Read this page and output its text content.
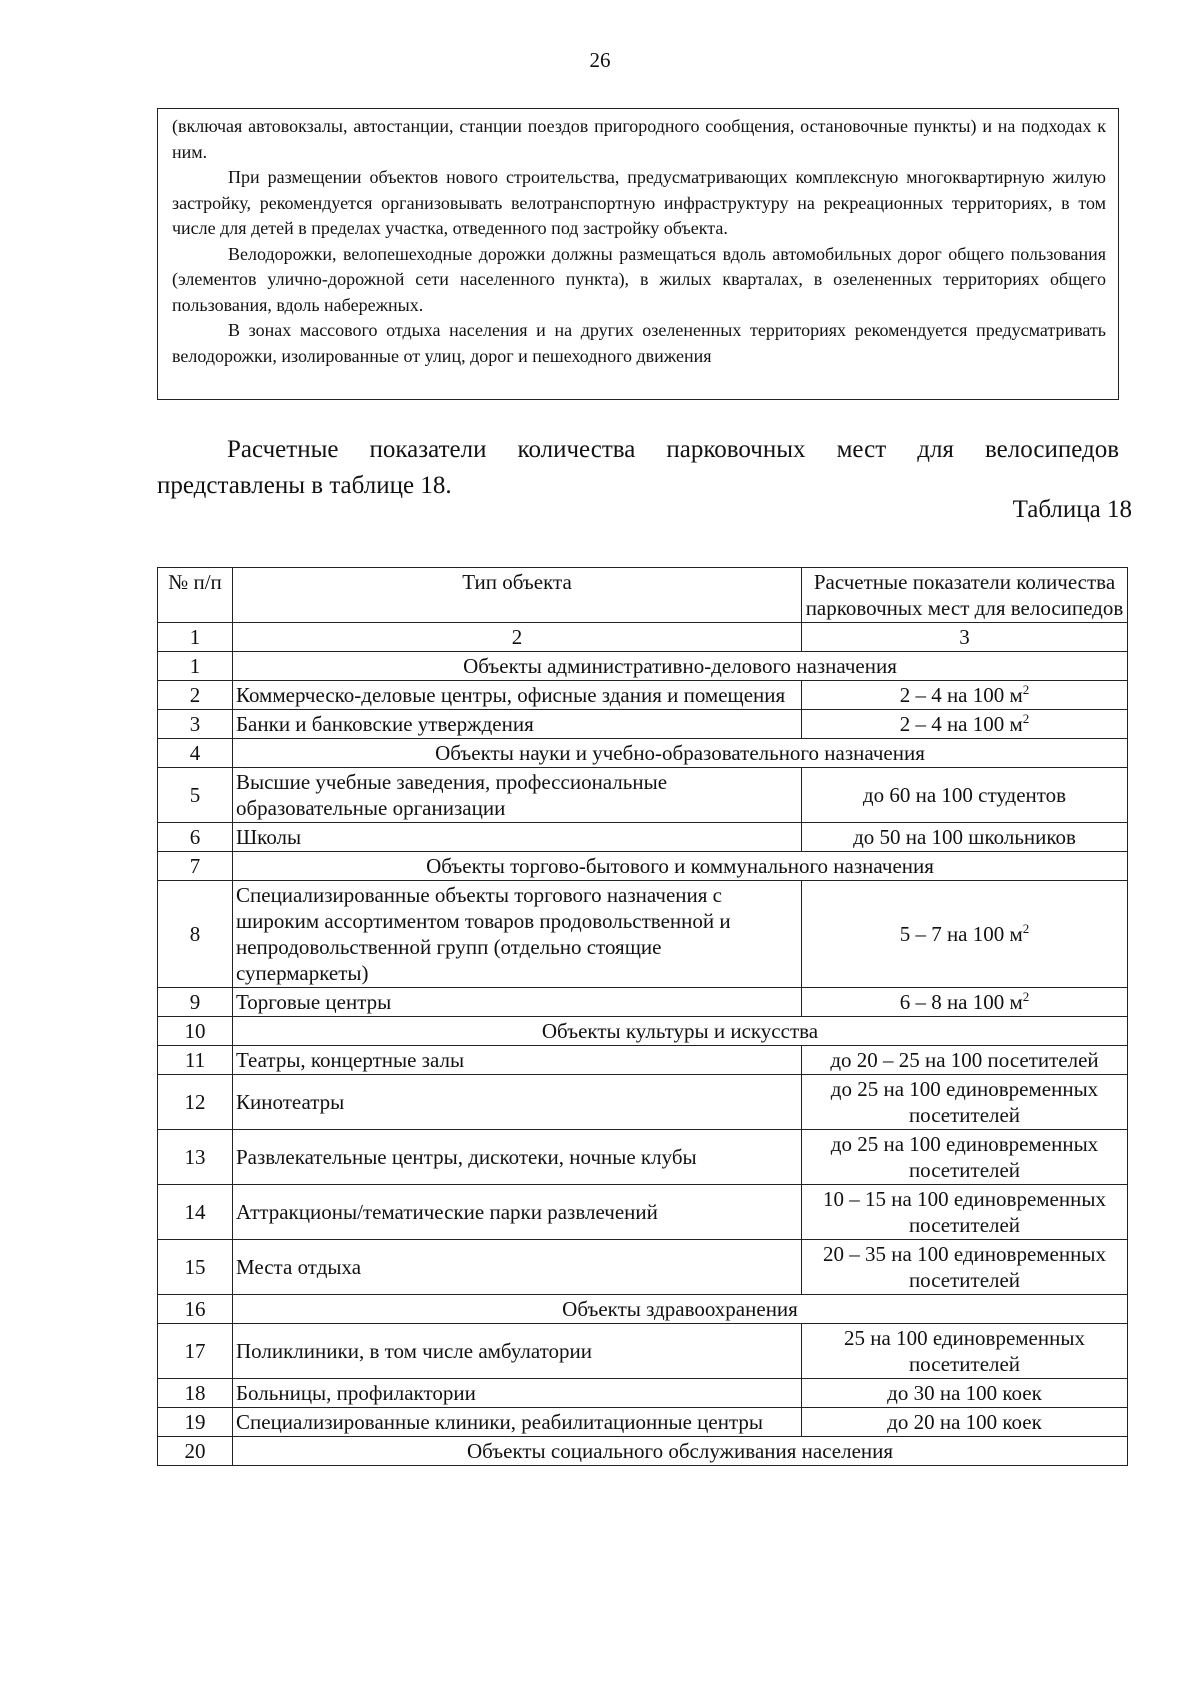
26

(включая автовокзалы, автостанции, станции поездов пригородного сообщения, остановочные пункты) и на подходах к ним.

При размещении объектов нового строительства, предусматривающих комплексную многоквартирную жилую застройку, рекомендуется организовывать велотранспортную инфраструктуру на рекреационных территориях, в том числе для детей в пределах участка, отведенного под застройку объекта.

Велодорожки, велопешеходные дорожки должны размещаться вдоль автомобильных дорог общего пользования (элементов улично-дорожной сети населенного пункта), в жилых кварталах, в озелененных территориях общего пользования, вдоль набережных.

В зонах массового отдыха населения и на других озелененных территориях рекомендуется предусматривать велодорожки, изолированные от улиц, дорог и пешеходного движения

Расчетные показатели количества парковочных мест для велосипедов представлены в таблице 18.

Таблица 18

№ п/п	Тип объекта	Расчетные показатели количества парковочных мест для велосипедов
1	2	3
1	Объекты административно-делового назначения	
2	Коммерческо-деловые центры, офисные здания и помещения	2 – 4 на 100 $м^2$
3	Банки и банковские утверждения	2 – 4 на 100 $м^2$
4	Объекты науки и учебно-образовательного назначения	
5	Высшие учебные заведения, профессиональные образовательные организации	до 60 на 100 студентов
6	Школы	до 50 на 100 школьников
7	Объекты торгово-бытового и коммунального назначения	
8	Специализированные объекты торгового назначения с широким ассортиментом товаров продовольственной и непродовольственной групп (отдельно стоящие супермаркеты)	5 – 7 на 100 $м^2$
9	Торговые центры	6 – 8 на 100 $м^2$
10	Объекты культуры и искусства	
11	Театры, концертные залы	до 20 – 25 на 100 посетителей
12	Кинотеатры	до 25 на 100 единовременных посетителей
13	Развлекательные центры, дискотеки, ночные клубы	до 25 на 100 единовременных посетителей
14	Аттракционы/тематические парки развлечений	10 – 15 на 100 единовременных посетителей
15	Места отдыха	20 – 35 на 100 единовременных посетителей
16	Объекты здравоохранения	
17	Поликлиники, в том числе амбулатории	25 на 100 единовременных посетителей
18	Больницы, профилактории	до 30 на 100 коек
19	Специализированные клиники, реабилитационные центры	до 20 на 100 коек
20	Объекты социального обслуживания населения	
